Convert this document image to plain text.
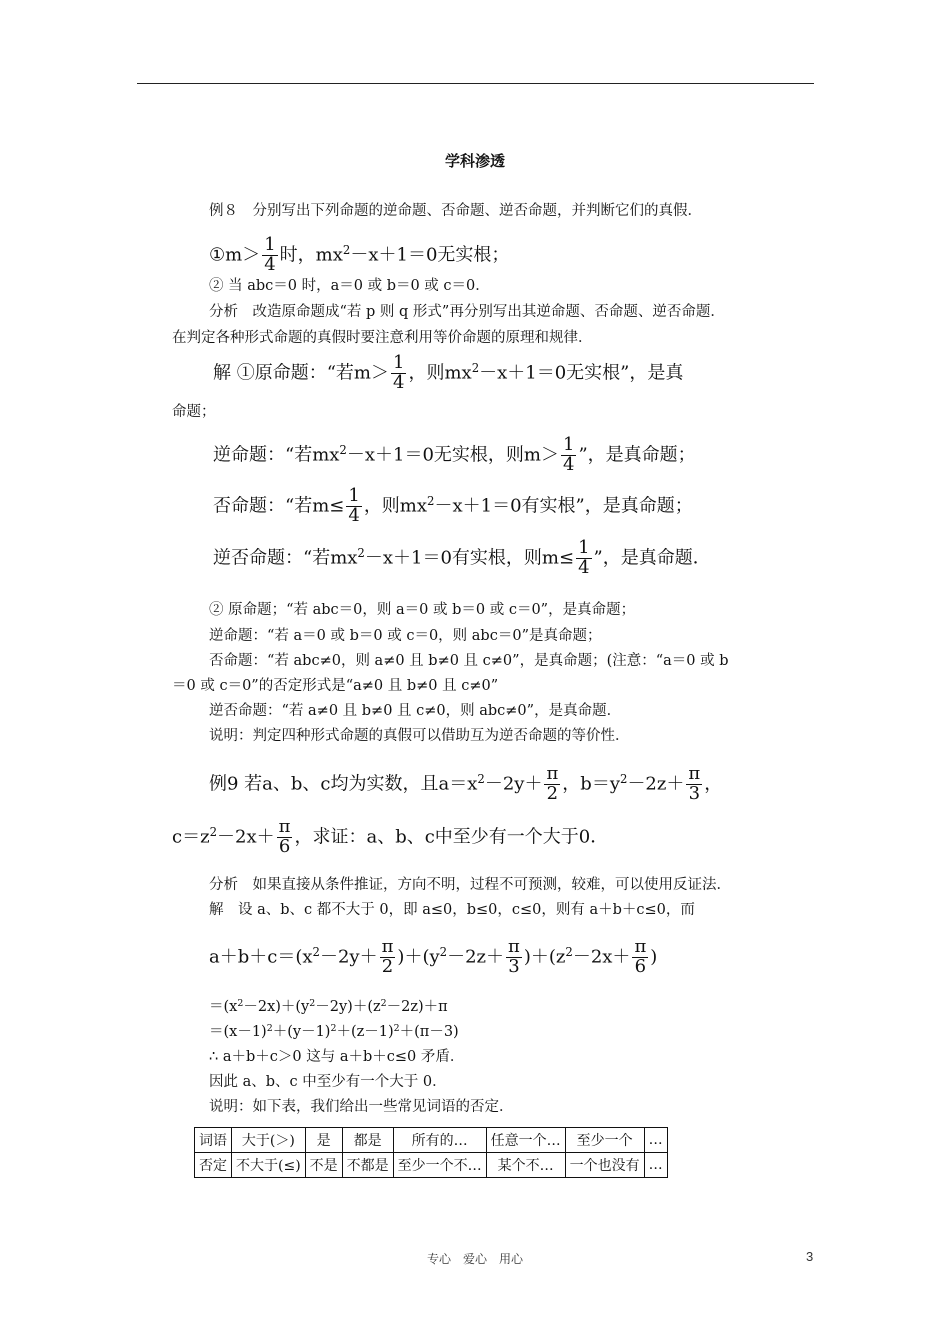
学科渗透
例８　分别写出下列命题的逆命题、否命题、逆否命题，并判断它们的真假．
①m＞ $\frac{1}{4}$ 时，$mx^2-x+1=0$无实根；
② 当 abc＝0 时，a＝0 或 b＝0 或 c＝0．
分析　改造原命题成“若 p 则 q 形式”再分别写出其逆命题、否命题、逆否命题．
在判定各种形式命题的真假时要注意利用等价命题的原理和规律．
解 ①原命题：“若$m> \frac{1}{4}$ ，则$mx^2-x+1=0$无实根”，是真
命题；
逆命题：“若$mx^2-x+1=0$无实根，则$m> \frac{1}{4}$ ”，是真命题；
否命题：“若$m\le \frac{1}{4}$ ，则$mx^2-x+1=0$有实根”，是真命题；
逆否命题：“若$mx^2-x+1=0$有实根，则$m\le \frac{1}{4}$ ”，是真命题．
② 原命题；“若 abc＝0，则 a＝0 或 b＝0 或 c＝0”，是真命题；
逆命题：“若 a＝0 或 b＝0 或 c＝0，则 abc＝0”是真命题；
否命题：“若 abc≠0，则 a≠0 且 b≠0 且 c≠0”，是真命题；(注意：“a＝0 或 b
＝0 或 c＝0”的否定形式是“a≠0 且 b≠0 且 c≠0”
逆否命题：“若 a≠0 且 b≠0 且 c≠0，则 abc≠0”，是真命题．
说明：判定四种形式命题的真假可以借助互为逆否命题的等价性．
例9 若a、b、c均为实数，且$a=x^2-2y+ \frac{\pi}{2}$ ，$b=y^2-2z+ \frac{\pi}{3}$ ，
$c=z^2-2x+ \frac{\pi}{6}$ ，求证：a、b、c中至少有一个大于0．
分析　如果直接从条件推证，方向不明，过程不可预测，较难，可以使用反证法．
解　设 a、b、c 都不大于 0，即 a≤0，b≤0，c≤0，则有 a＋b＋c≤0，而
$a+b+c=(x^2-2y+ \frac{\pi}{2} )+(y^2-2z+ \frac{\pi}{3} )+(z^2-2x+ \frac{\pi}{6}$ )
$=(x^2-2x)+(y^2-2y)+(z^2-2z)+\pi$
$=(x-1)^2+(y-1)^2+(z-1)^2+(\pi-3)$
∴ a＋b＋c＞0 这与 a＋b＋c≤0 矛盾．
因此 a、b、c 中至少有一个大于 0．
说明：如下表，我们给出一些常见词语的否定．
词语	大于(＞)	是	都是	所有的…	任意一个…	至少一个	…
否定	不大于(≤)	不是	不都是	至少一个不…	某个不…	一个也没有	…
专心　爱心　用心	3
